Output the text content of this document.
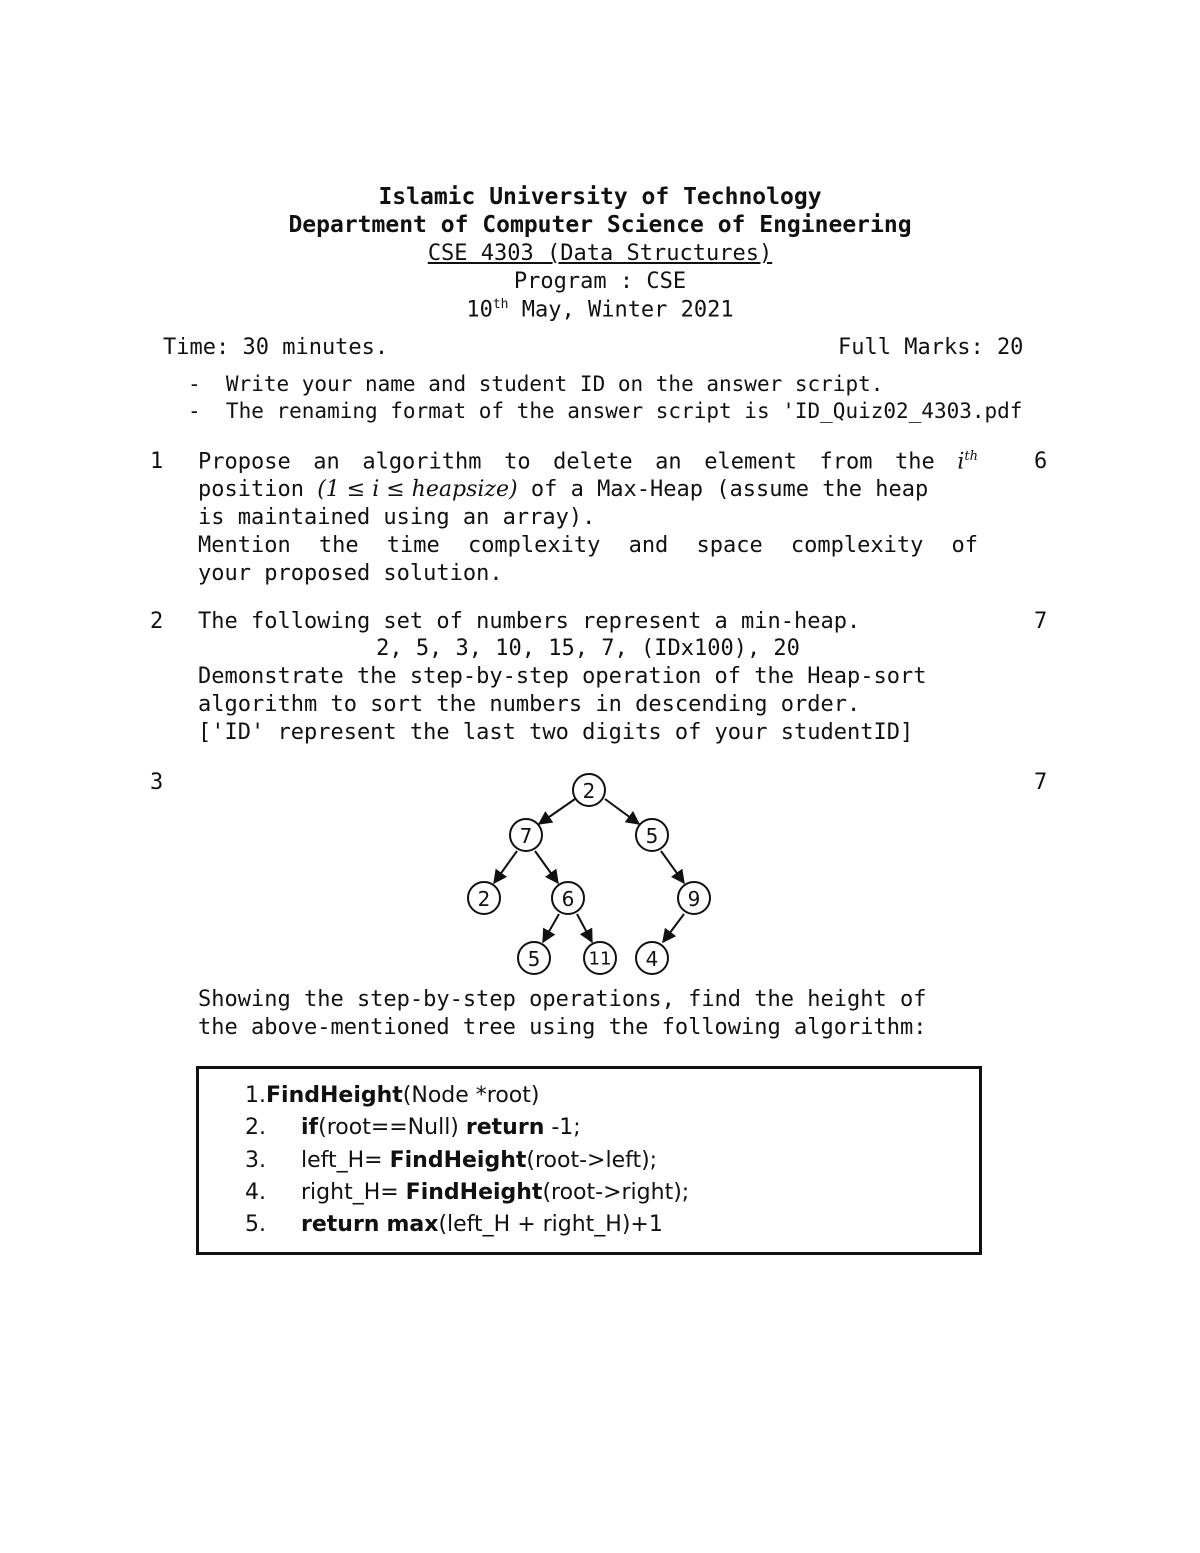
Islamic University of Technology
Department of Computer Science of Engineering
CSE 4303 (Data Structures)
Program : CSE
10th May, Winter 2021
Time: 30 minutes.	Full Marks: 20
-  Write your name and student ID on the answer script.
-  The renaming format of the answer script is 'ID_Quiz02_4303.pdf
1	6
Propose an algorithm to delete an element from the $i^{th}$
position (1 ≤ i ≤ heapsize) of a Max-Heap (assume the heap
is maintained using an array).
Mention the time complexity and space complexity of
your proposed solution.
2	7
The following set of numbers represent a min-heap.
2, 5, 3, 10, 15, 7, (IDx100), 20
Demonstrate the step-by-step operation of the Heap-sort
algorithm to sort the numbers in descending order.
['ID' represent the last two digits of your studentID]
3	7
2
7	5
2	6	9
5	11 4
Showing the step-by-step operations, find the height of
the above-mentioned tree using the following algorithm:
1.FindHeight(Node *root)
2. if(root==Null) return -1;
3. left_H= FindHeight(root->left);
4. right_H= FindHeight(root->right);
5. return max(left_H + right_H)+1
